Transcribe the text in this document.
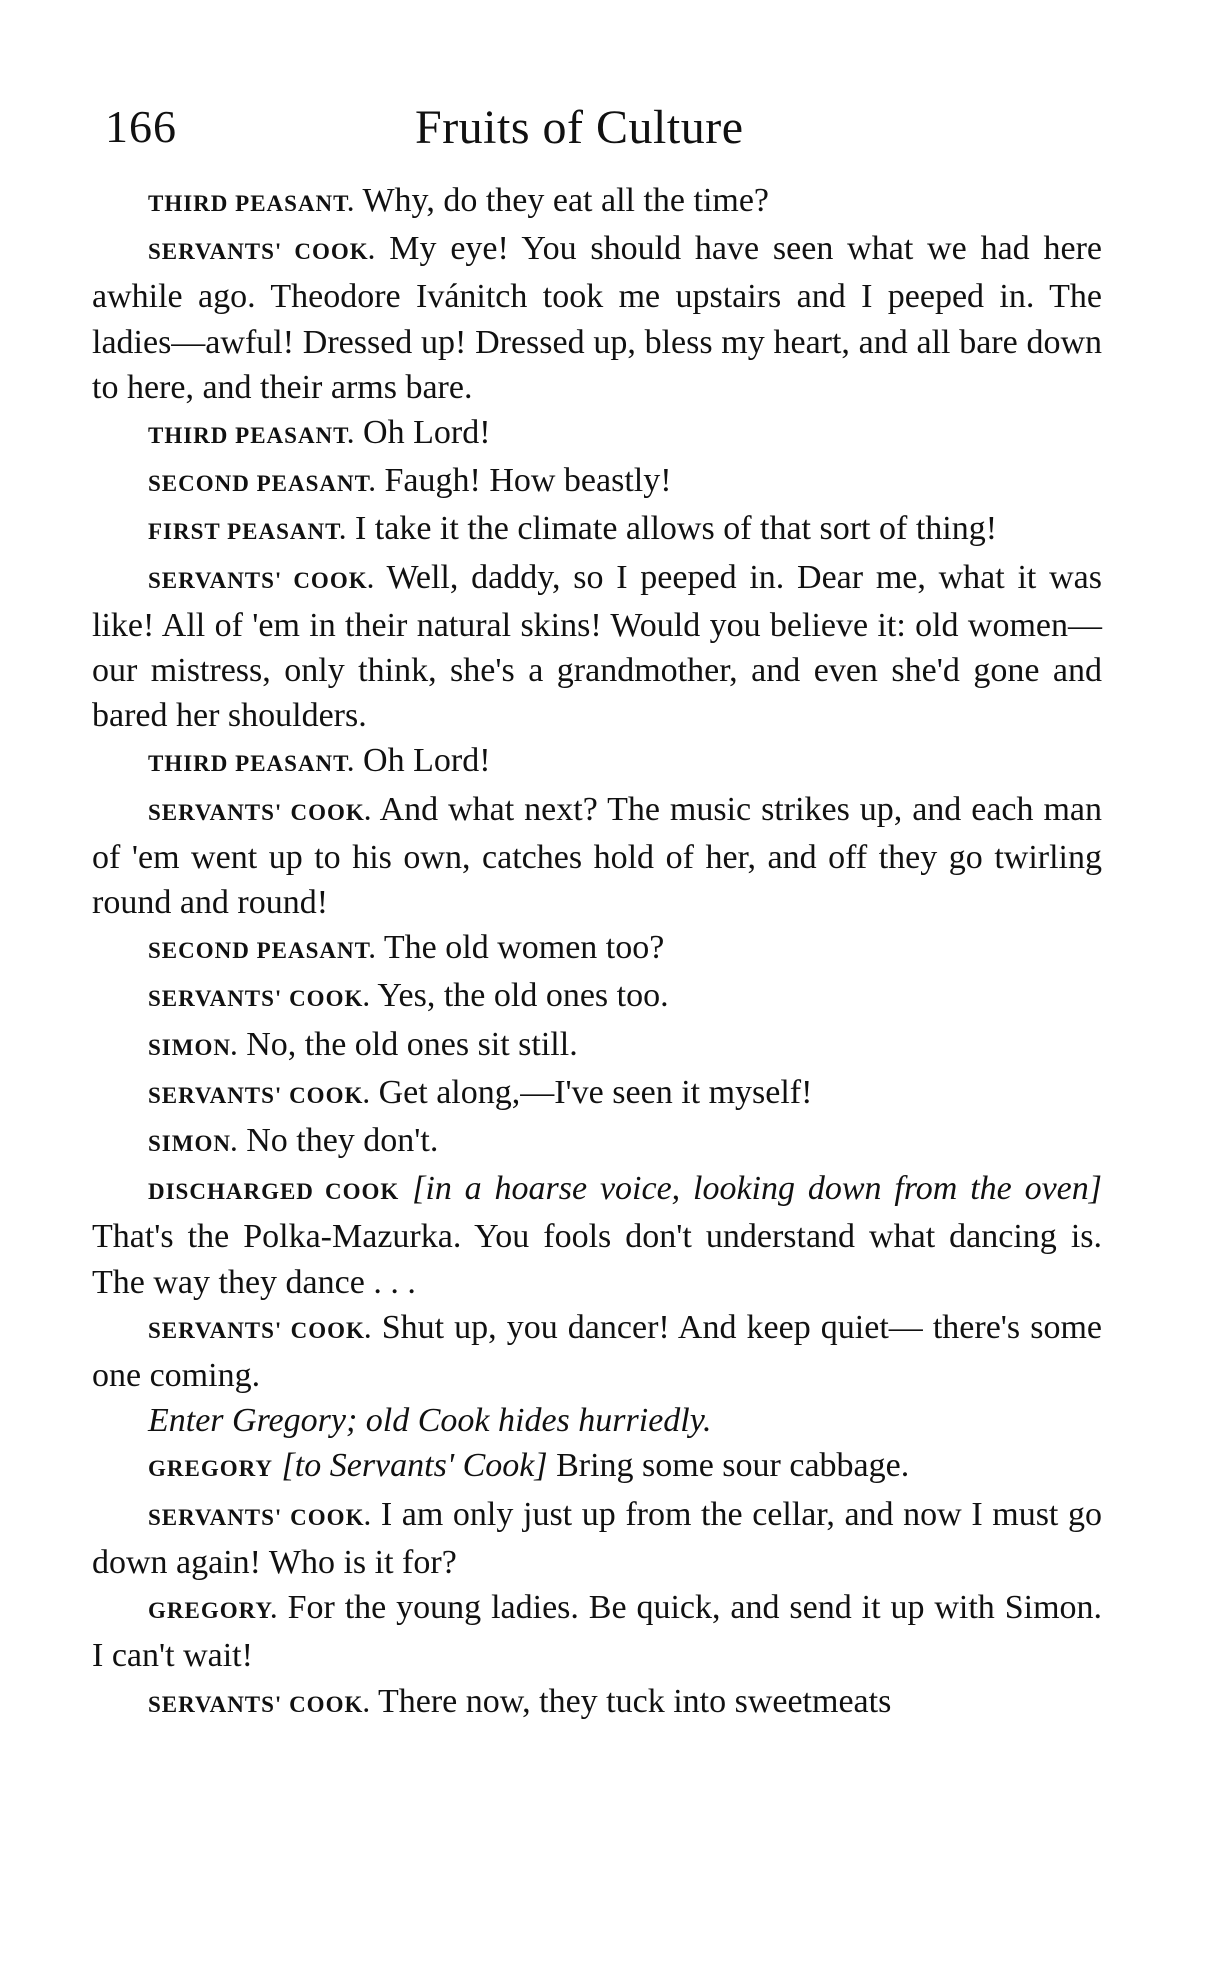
166	Fruits of Culture

THIRD PEASANT. Why, do they eat all the time?

SERVANTS' COOK. My eye! You should have seen what we had here awhile ago. Theodore Ivánitch took me upstairs and I peeped in. The ladies—awful! Dressed up! Dressed up, bless my heart, and all bare down to here, and their arms bare.

THIRD PEASANT. Oh Lord!

SECOND PEASANT. Faugh! How beastly!

FIRST PEASANT. I take it the climate allows of that sort of thing!

SERVANTS' COOK. Well, daddy, so I peeped in. Dear me, what it was like! All of 'em in their natural skins! Would you believe it: old women—our mistress, only think, she's a grandmother, and even she'd gone and bared her shoulders.

THIRD PEASANT. Oh Lord!

SERVANTS' COOK. And what next? The music strikes up, and each man of 'em went up to his own, catches hold of her, and off they go twirling round and round!

SECOND PEASANT. The old women too?

SERVANTS' COOK. Yes, the old ones too.

SIMON. No, the old ones sit still.

SERVANTS' COOK. Get along,—I've seen it myself!

SIMON. No they don't.

DISCHARGED COOK [in a hoarse voice, looking down from the oven] That's the Polka-Mazurka. You fools don't understand what dancing is. The way they dance . . .

SERVANTS' COOK. Shut up, you dancer! And keep quiet— there's some one coming.

Enter Gregory; old Cook hides hurriedly.

GREGORY [to Servants' Cook] Bring some sour cabbage.

SERVANTS' COOK. I am only just up from the cellar, and now I must go down again! Who is it for?

GREGORY. For the young ladies. Be quick, and send it up with Simon. I can't wait!

SERVANTS' COOK. There now, they tuck into sweetmeats
